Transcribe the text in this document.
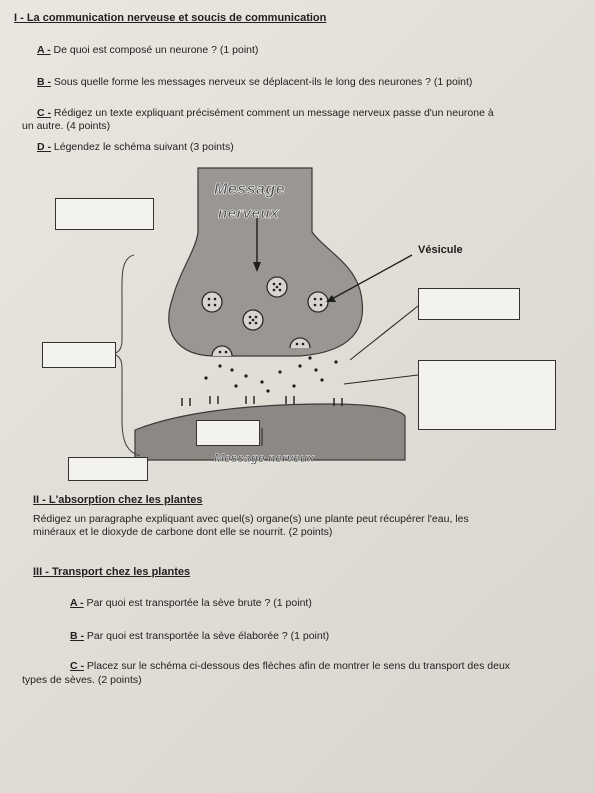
I - La communication nerveuse et soucis de communication
A - De quoi est composé un neurone ? (1 point)
B - Sous quelle forme les messages nerveux se déplacent-ils le long des neurones ? (1 point)
C - Rédigez un texte expliquant précisément comment un message nerveux passe d'un neurone à
un autre. (4 points)
D - Légendez le schéma suivant (3 points)
Message
nerveux
Vésicule
Message nerveux
II - L'absorption chez les plantes
Rédigez un paragraphe expliquant avec quel(s) organe(s) une plante peut récupérer l'eau, les
minéraux et le dioxyde de carbone dont elle se nourrit. (2 points)
III - Transport chez les plantes
A - Par quoi est transportée la sève brute ? (1 point)
B - Par quoi est transportée la sève élaborée ? (1 point)
C - Placez sur le schéma ci-dessous des flèches afin de montrer le sens du transport des deux
types de sèves. (2 points)
